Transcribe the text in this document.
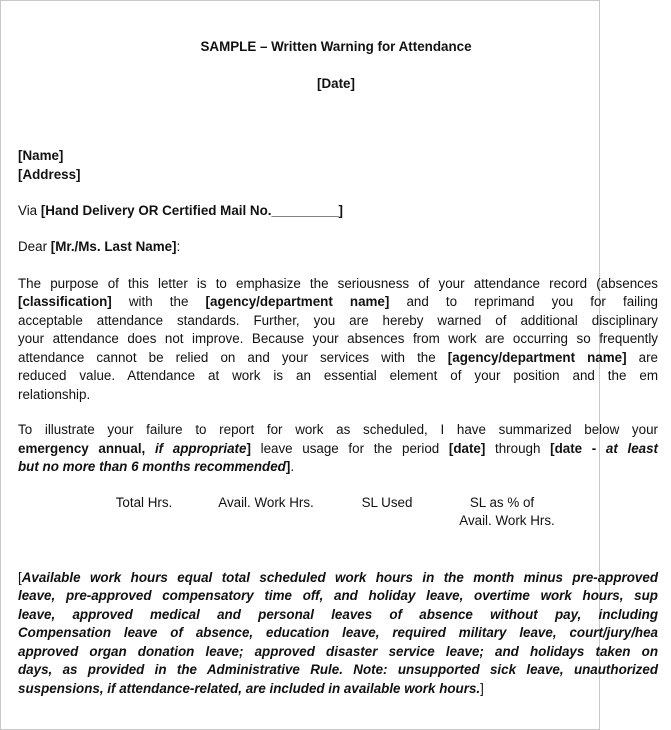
SAMPLE – Written Warning for Attendance
[Date]
[Name]
[Address]
Via [Hand Delivery OR Certified Mail No._________]
Dear [Mr./Ms. Last Name]:
The purpose of this letter is to emphasize the seriousness of your attendance record (absences
[classification] with the [agency/department name] and to reprimand you for failing
acceptable attendance standards. Further, you are hereby warned of additional disciplinary
your attendance does not improve. Because your absences from work are occurring so frequently
attendance cannot be relied on and your services with the [agency/department name] are
reduced value. Attendance at work is an essential element of your position and the em
relationship.
To illustrate your failure to report for work as scheduled, I have summarized below your
emergency annual, if appropriate] leave usage for the period [date] through [date - at least
but no more than 6 months recommended].
[Available work hours equal total scheduled work hours in the month minus pre-approved
leave, pre-approved compensatory time off, and holiday leave, overtime work hours, sup
leave, approved medical and personal leaves of absence without pay, including
Compensation leave of absence, education leave, required military leave, court/jury/hea
approved organ donation leave; approved disaster service leave; and holidays taken on
days, as provided in the Administrative Rule. Note: unsupported sick leave, unauthorized
suspensions, if attendance-related, are included in available work hours.]
Total Hrs.	Avail. Work Hrs.	SL Used	SL as % of
Avail. Work Hrs.
